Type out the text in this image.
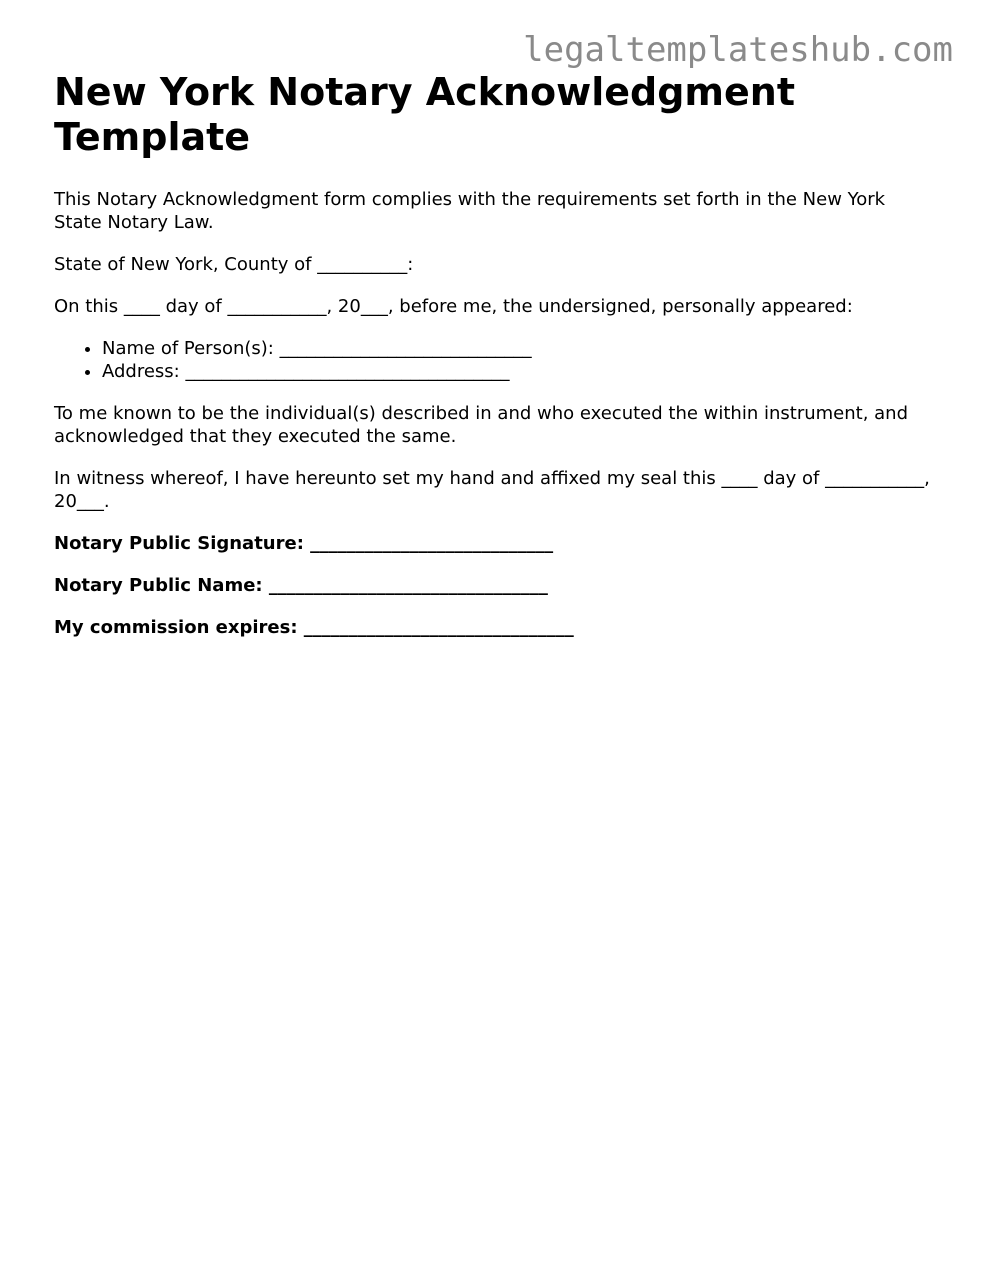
legaltemplateshub.com
New York Notary Acknowledgment Template

This Notary Acknowledgment form complies with the requirements set forth in the New York State Notary Law.

State of New York, County of __________:

On this ____ day of ___________, 20___, before me, the undersigned, personally appeared:

• Name of Person(s): ____________________________
• Address: ____________________________________

To me known to be the individual(s) described in and who executed the within instrument, and acknowledged that they executed the same.

In witness whereof, I have hereunto set my hand and affixed my seal this ____ day of ___________, 20___.

Notary Public Signature: ___________________________

Notary Public Name: _______________________________

My commission expires: ______________________________
